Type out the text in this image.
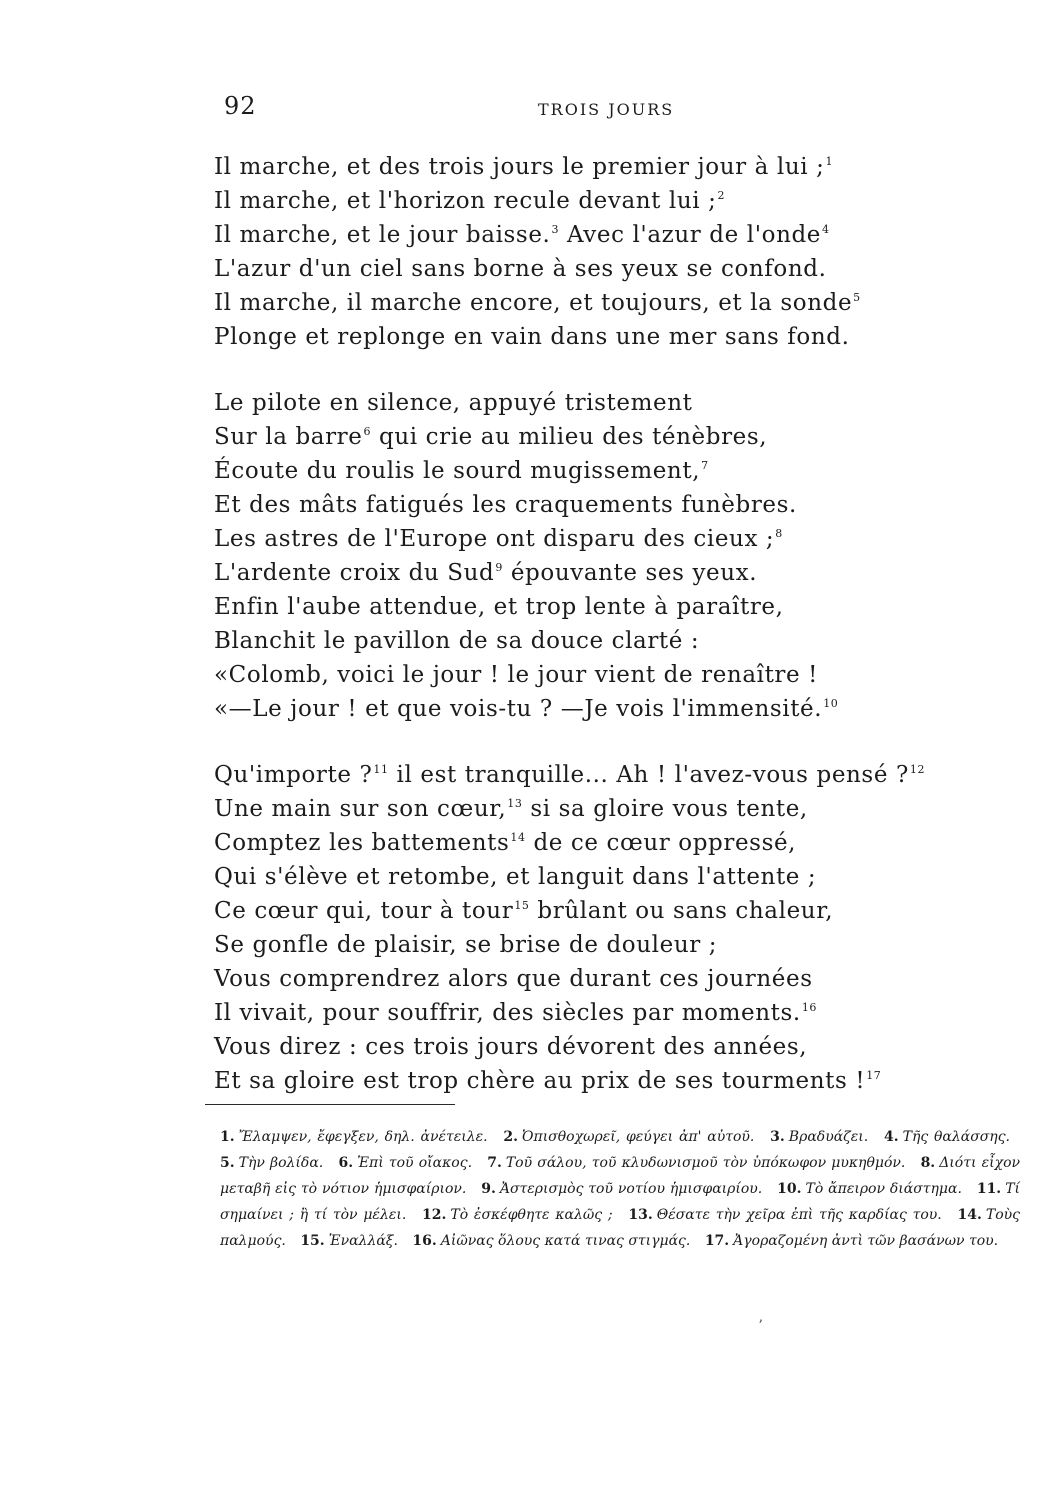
92	TROIS JOURS
Il marche, et des trois jours le premier jour à lui ;$^1$
Il marche, et l'horizon recule devant lui ;$^2$
Il marche, et le jour baisse.$^3$ Avec l'azur de l'onde$^4$
L'azur d'un ciel sans borne à ses yeux se confond.
Il marche, il marche encore, et toujours, et la sonde$^5$
Plonge et replonge en vain dans une mer sans fond.
Le pilote en silence, appuyé tristement
Sur la barre$^6$ qui crie au milieu des ténèbres,
Écoute du roulis le sourd mugissement,$^7$
Et des mâts fatigués les craquements funèbres.
Les astres de l'Europe ont disparu des cieux ;$^8$
L'ardente croix du Sud$^9$ épouvante ses yeux.
Enfin l'aube attendue, et trop lente à paraître,
Blanchit le pavillon de sa douce clarté :
«Colomb, voici le jour ! le jour vient de renaître !
«—Le jour ! et que vois-tu ? —Je vois l'immensité.$^{10}$
Qu'importe ?$^{11}$ il est tranquille... Ah ! l'avez-vous pensé ?$^{12}$
Une main sur son cœur,$^{13}$ si sa gloire vous tente,
Comptez les battements$^{14}$ de ce cœur oppressé,
Qui s'élève et retombe, et languit dans l'attente ;
Ce cœur qui, tour à tour$^{15}$ brûlant ou sans chaleur,
Se gonfle de plaisir, se brise de douleur ;
Vous comprendrez alors que durant ces journées
Il vivait, pour souffrir, des siècles par moments.$^{16}$
Vous direz : ces trois jours dévorent des années,
Et sa gloire est trop chère au prix de ses tourments !$^{17}$
1. Ἔλαμψεν, ἔφεγξεν, δηλ. ἀνέτειλε. 2. Ὀπισθοχωρεῖ, φεύγει ἀπ' αὐτοῦ. 3. Βραδυάζει. 4. Τῆς θαλάσσης. 5. Τὴν βολίδα. 6. Ἐπὶ τοῦ οἴακος. 7. Τοῦ σάλου, τοῦ κλυδωνισμοῦ τὸν ὑπόκωφον μυκηθμόν. 8. Διότι εἶχον μεταβῆ εἰς τὸ νότιον ἡμισφαίριον. 9. Ἀστερισμὸς τοῦ νοτίου ἡμισφαιρίου. 10. Τὸ ἄπειρον διάστημα. 11. Τί σημαίνει ; ἢ τί τὸν μέλει. 12. Τὸ ἐσκέφθητε καλῶς ; 13. Θέσατε τὴν χεῖρα ἐπὶ τῆς καρδίας του. 14. Τοὺς παλμούς. 15. Ἐναλλάξ. 16. Αἰῶνας ὅλους κατά τινας στιγμάς. 17. Ἀγοραζομένη ἀντὶ τῶν βασάνων του.
ʼ
